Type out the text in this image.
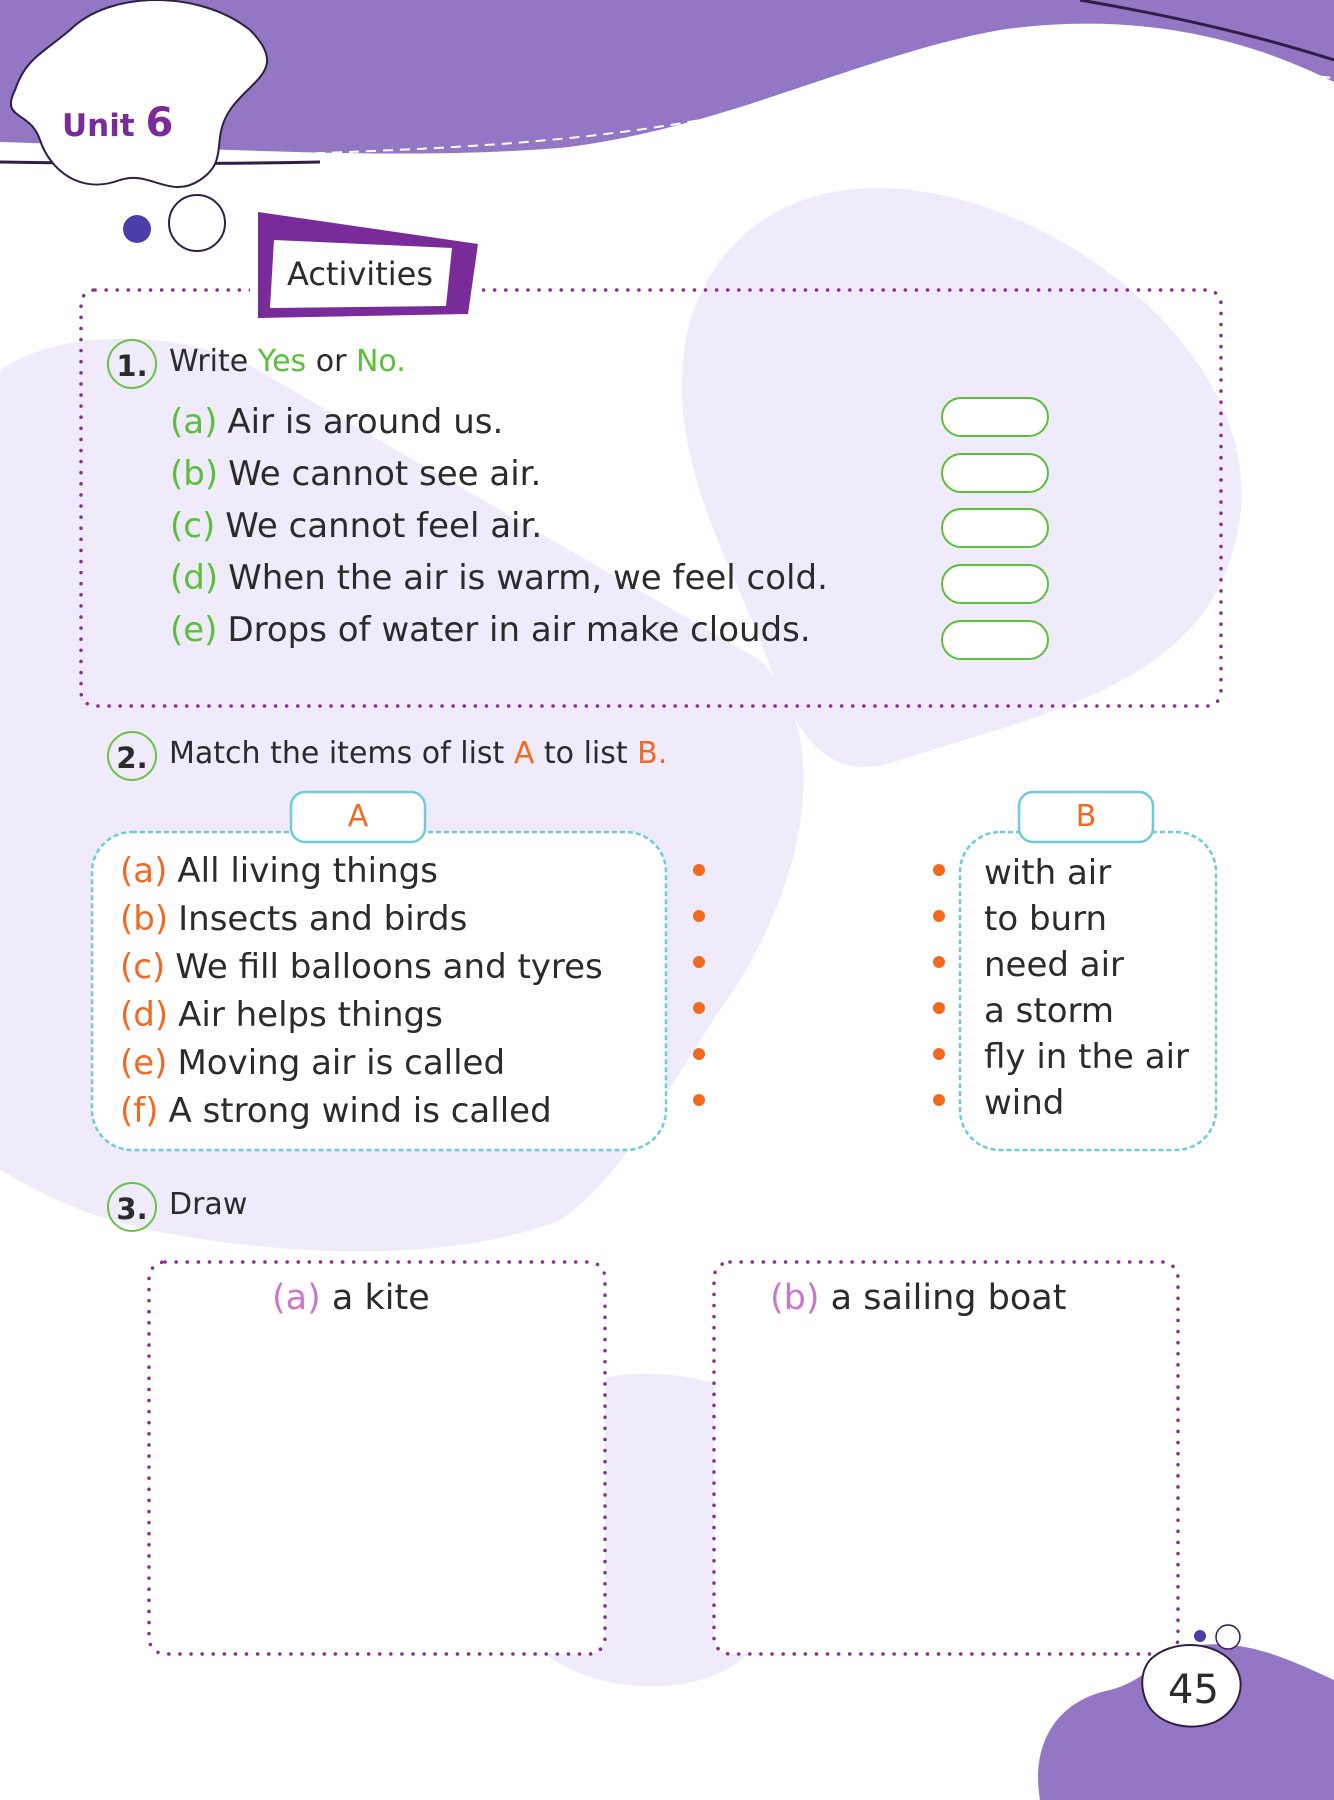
Unit 6
Activities
1. Write Yes or No.
(a) Air is around us.
(b) We cannot see air.
(c) We cannot feel air.
(d) When the air is warm, we feel cold.
(e) Drops of water in air make clouds.
2. Match the items of list A to list B.
A	B
(a) All living things
(b) Insects and birds
(c) We fill balloons and tyres
(d) Air helps things
(e) Moving air is called
(f) A strong wind is called
with air
to burn
need air
a storm
fly in the air
wind
3. Draw
(a) a kite	(b) a sailing boat
45
